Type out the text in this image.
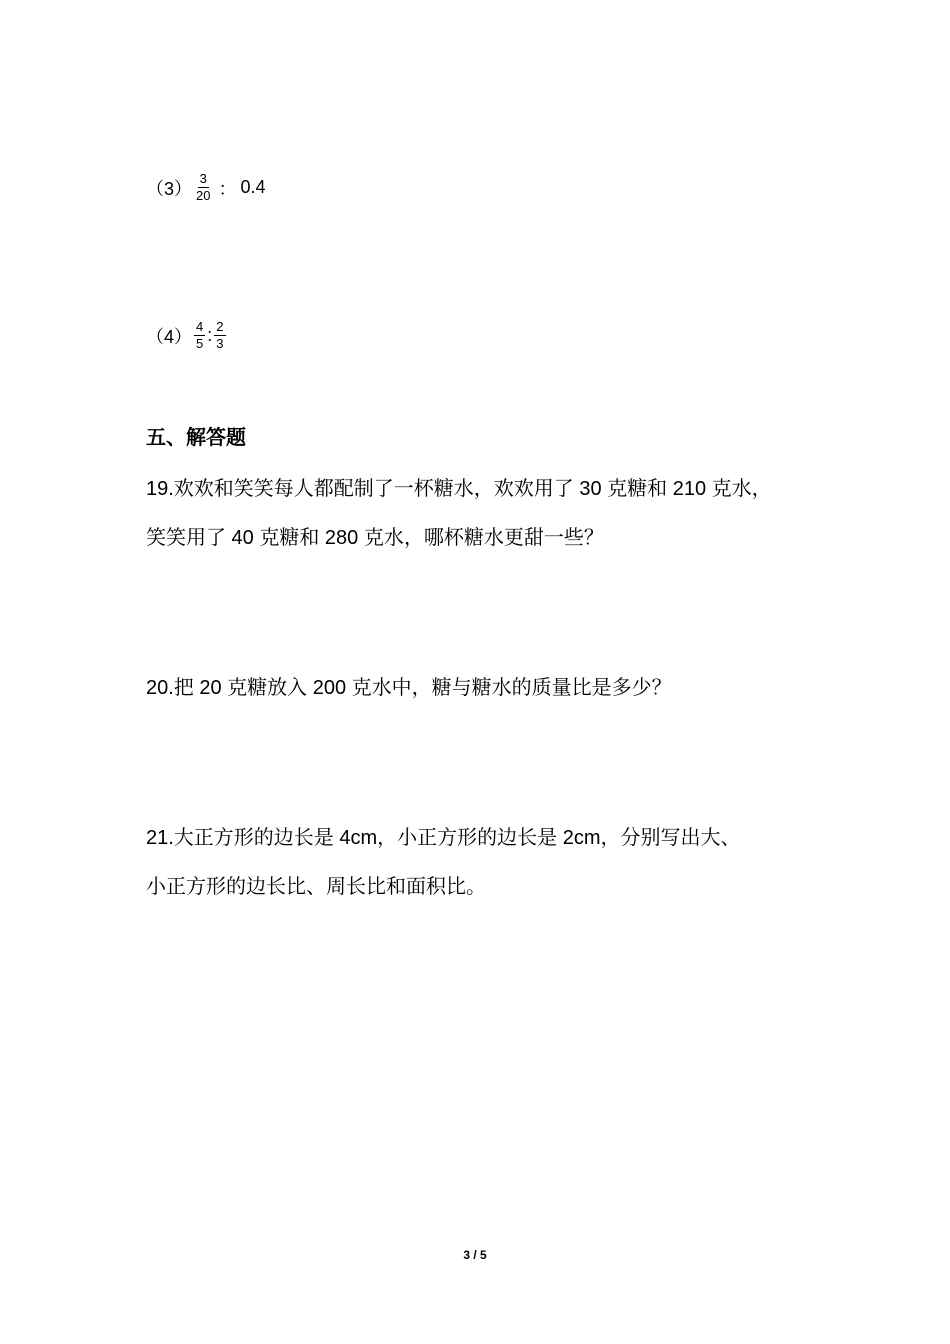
$(3) \frac{3}{20}$ ： 0.4
$(4) \frac{4}{5}$ : $\frac{2}{3}$
五、解答题
19.欢欢和笑笑每人都配制了一杯糖水，欢欢用了 30 克糖和 210 克水，
笑笑用了 40 克糖和 280 克水，哪杯糖水更甜一些？
20.把 20 克糖放入 200 克水中，糖与糖水的质量比是多少？
21.大正方形的边长是 4cm，小正方形的边长是 2cm，分别写出大、
小正方形的边长比、周长比和面积比。
3 / 5
